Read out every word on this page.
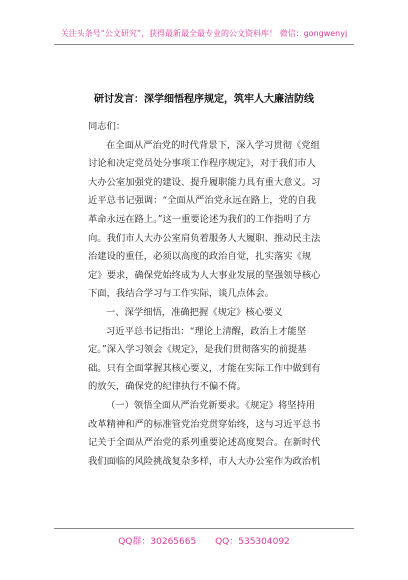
关注头条号“公文研究”，获得最新最全最专业的公文资料库！ 微信：gongwenyj
研讨发言：深学细悟程序规定，筑牢人大廉洁防线
同志们：
在全面从严治党的时代背景下，深入学习贯彻《党组
讨论和决定党员处分事项工作程序规定》，对于我们市人
大办公室加强党的建设、提升履职能力具有重大意义。习
近平总书记强调：“全面从严治党永远在路上，党的自我
革命永远在路上。”这一重要论述为我们的工作指明了方
向。我们市人大办公室肩负着服务人大履职、推动民主法
治建设的重任，必须以高度的政治自觉，扎实落实《规
定》要求，确保党始终成为人大事业发展的坚强领导核心
下面，我结合学习与工作实际，谈几点体会。
一、深学细悟，准确把握《规定》核心要义
习近平总书记指出：“理论上清醒，政治上才能坚
定。”深入学习领会《规定》，是我们贯彻落实的前提基
础。只有全面掌握其核心要义，才能在实际工作中做到有
的放矢，确保党的纪律执行不偏不倚。
（一）领悟全面从严治党新要求。《规定》将坚持用
改革精神和严的标准管党治党贯穿始终，这与习近平总书
记关于全面从严治党的系列重要论述高度契合。在新时代
我们面临的风险挑战复杂多样，市人大办公室作为政治机
QQ群：30265665 QQ：535304092
